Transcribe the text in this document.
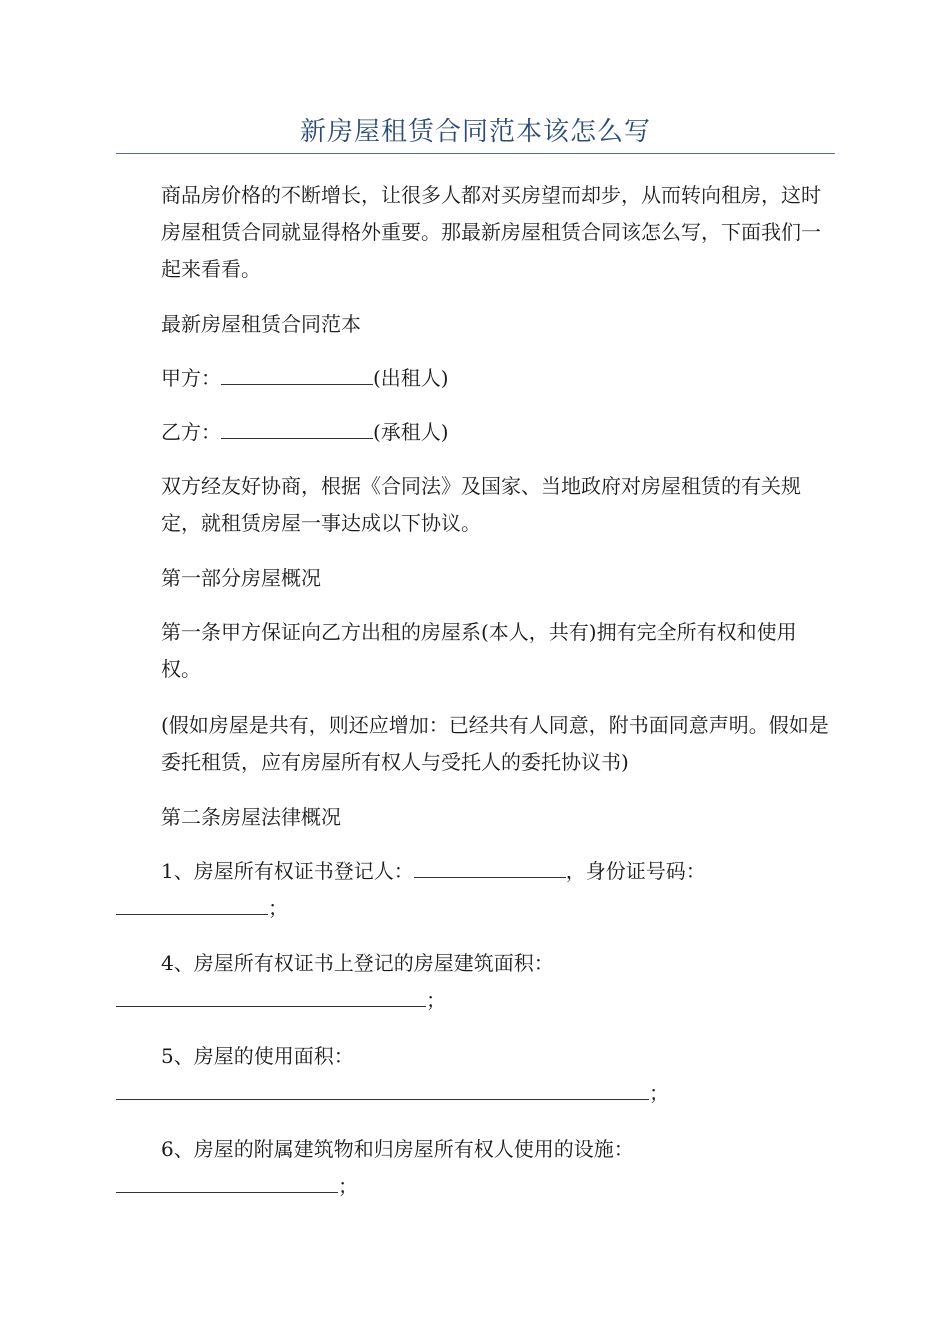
新房屋租赁合同范本该怎么写

商品房价格的不断增长，让很多人都对买房望而却步，从而转向租房，这时房屋租赁合同就显得格外重要。那最新房屋租赁合同该怎么写，下面我们一起来看看。

最新房屋租赁合同范本

甲方：	(出租人)

乙方：	(承租人)

双方经友好协商，根据《合同法》及国家、当地政府对房屋租赁的有关规定，就租赁房屋一事达成以下协议。

第一部分房屋概况

第一条甲方保证向乙方出租的房屋系(本人，共有)拥有完全所有权和使用权。

(假如房屋是共有，则还应增加：已经共有人同意，附书面同意声明。假如是委托租赁，应有房屋所有权人与受托人的委托协议书)

第二条房屋法律概况

1、房屋所有权证书登记人：	，身份证号码：
；

4、房屋所有权证书上登记的房屋建筑面积：
；

5、房屋的使用面积：
；

6、房屋的附属建筑物和归房屋所有权人使用的设施：
；
